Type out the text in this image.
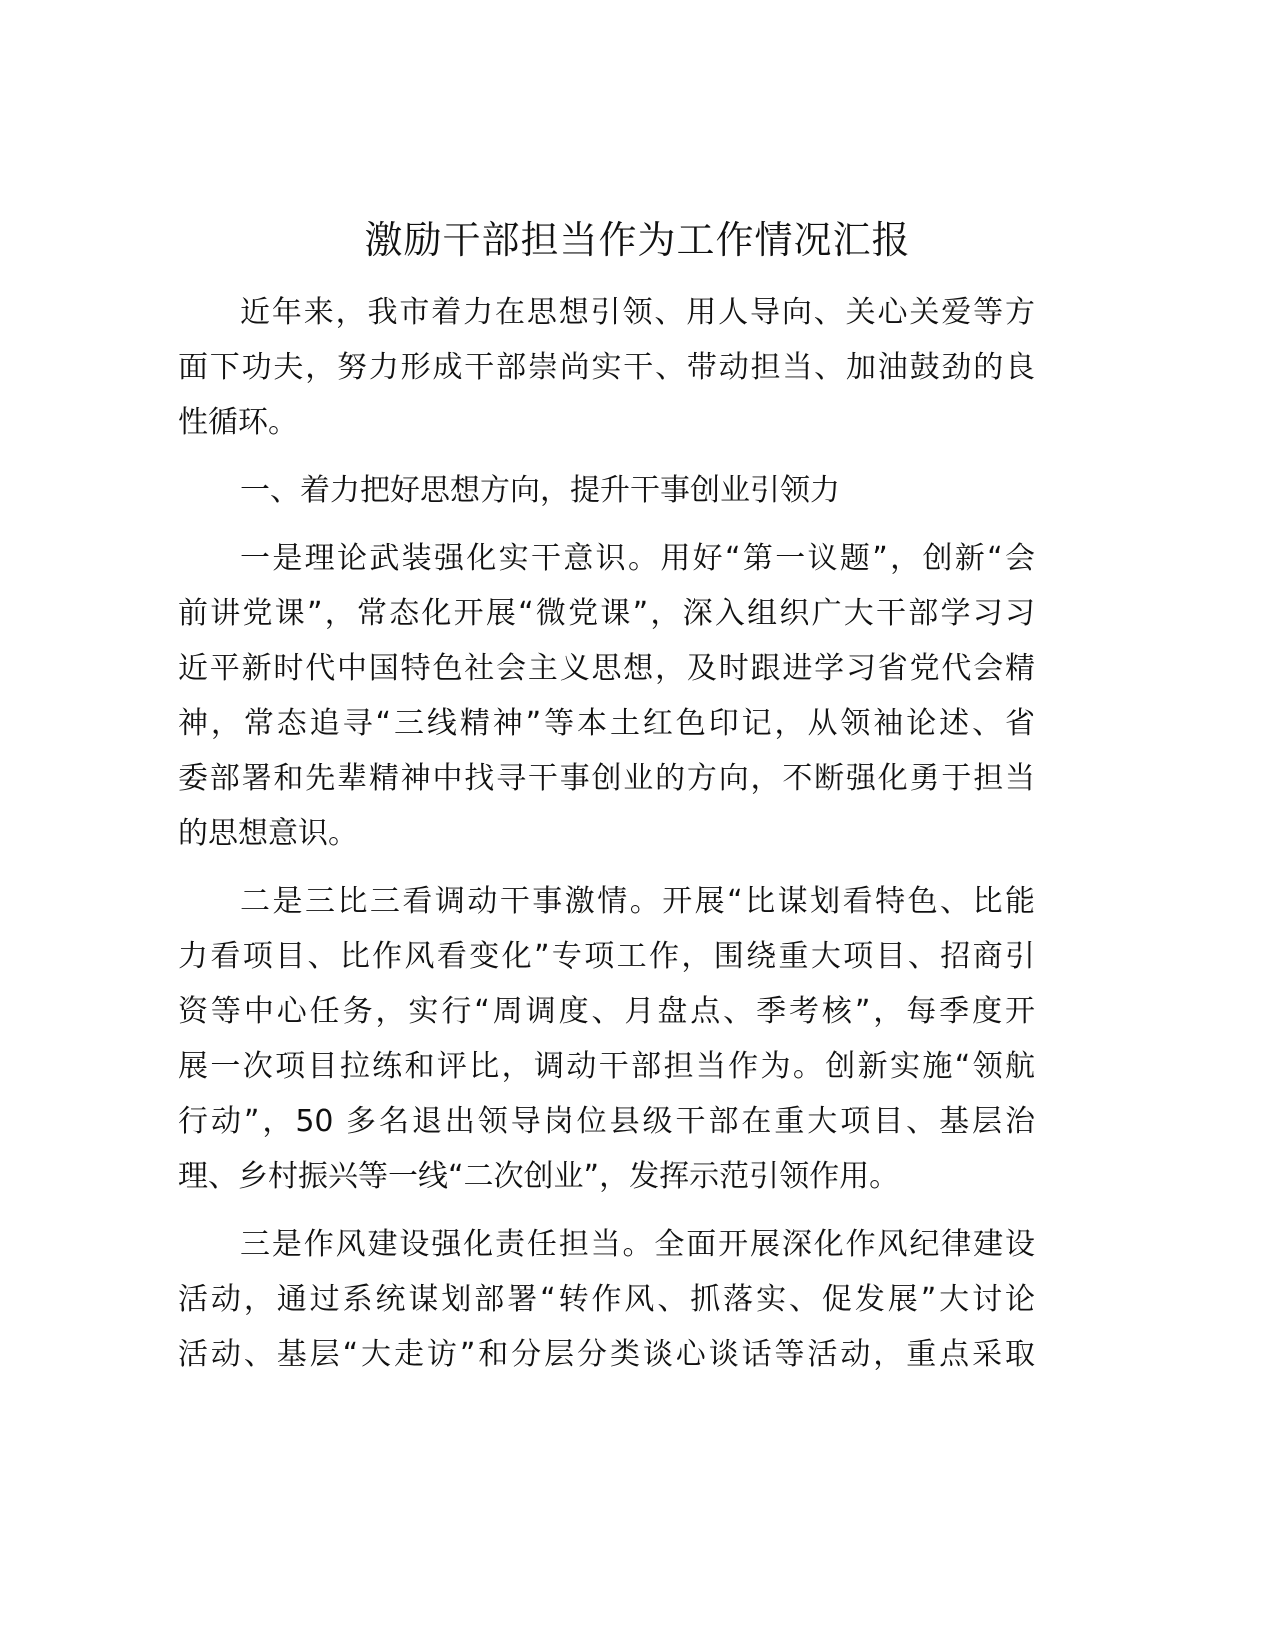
激励干部担当作为工作情况汇报
近年来，我市着力在思想引领、用人导向、关心关爱等方
面下功夫，努力形成干部崇尚实干、带动担当、加油鼓劲的良
性循环。
一、着力把好思想方向，提升干事创业引领力
一是理论武装强化实干意识。用好“第一议题”，创新“会
前讲党课”，常态化开展“微党课”，深入组织广大干部学习习
近平新时代中国特色社会主义思想，及时跟进学习省党代会精
神，常态追寻“三线精神”等本土红色印记，从领袖论述、省
委部署和先辈精神中找寻干事创业的方向，不断强化勇于担当
的思想意识。
二是三比三看调动干事激情。开展“比谋划看特色、比能
力看项目、比作风看变化”专项工作，围绕重大项目、招商引
资等中心任务，实行“周调度、月盘点、季考核”，每季度开
展一次项目拉练和评比，调动干部担当作为。创新实施“领航
行动”，50 多名退出领导岗位县级干部在重大项目、基层治
理、乡村振兴等一线“二次创业”，发挥示范引领作用。
三是作风建设强化责任担当。全面开展深化作风纪律建设
活动，通过系统谋划部署“转作风、抓落实、促发展”大讨论
活动、基层“大走访”和分层分类谈心谈话等活动，重点采取
